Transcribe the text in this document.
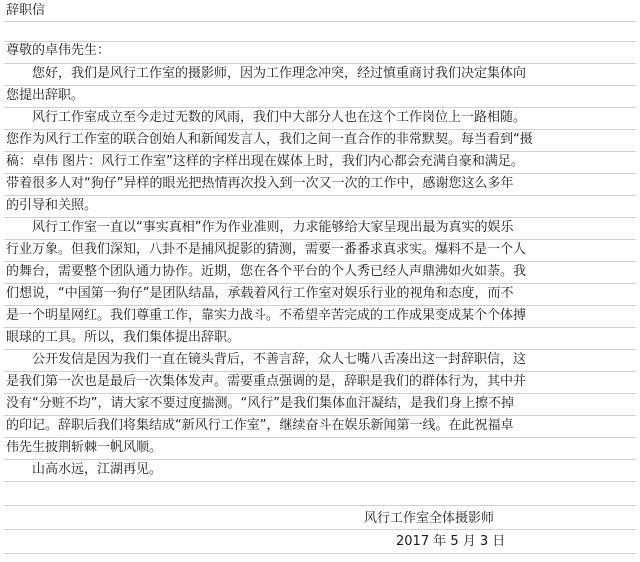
辞职信
尊敬的卓伟先生：
　　您好，我们是风行工作室的摄影师，因为工作理念冲突，经过慎重商讨我们决定集体向
您提出辞职。
　　风行工作室成立至今走过无数的风雨，我们中大部分人也在这个工作岗位上一路相随。
您作为风行工作室的联合创始人和新闻发言人，我们之间一直合作的非常默契。每当看到“摄
稿：卓伟 图片：风行工作室”这样的字样出现在媒体上时，我们内心都会充满自豪和满足。
带着很多人对“狗仔”异样的眼光把热情再次投入到一次又一次的工作中，感谢您这么多年
的引导和关照。
　　风行工作室一直以“事实真相”作为作业准则，力求能够给大家呈现出最为真实的娱乐
行业万象。但我们深知，八卦不是捕风捉影的猜测，需要一番番求真求实。爆料不是一个人
的舞台，需要整个团队通力协作。近期，您在各个平台的个人秀已经人声鼎沸如火如荼。我
们想说，“中国第一狗仔”是团队结晶，承载着风行工作室对娱乐行业的视角和态度，而不
是一个明星网红。我们尊重工作，靠实力战斗。不希望辛苦完成的工作成果变成某个个体搏
眼球的工具。所以，我们集体提出辞职。
　　公开发信是因为我们一直在镜头背后，不善言辞，众人七嘴八舌凑出这一封辞职信，这
是我们第一次也是最后一次集体发声。需要重点强调的是，辞职是我们的群体行为，其中并
没有“分赃不均”，请大家不要过度揣测。“风行”是我们集体血汗凝结，是我们身上擦不掉
的印记。辞职后我们将集结成“新风行工作室”，继续奋斗在娱乐新闻第一线。在此祝福卓
伟先生披荆斩棘一帆风顺。
　　山高水远，江湖再见。
风行工作室全体摄影师
2017 年 5 月 3 日
